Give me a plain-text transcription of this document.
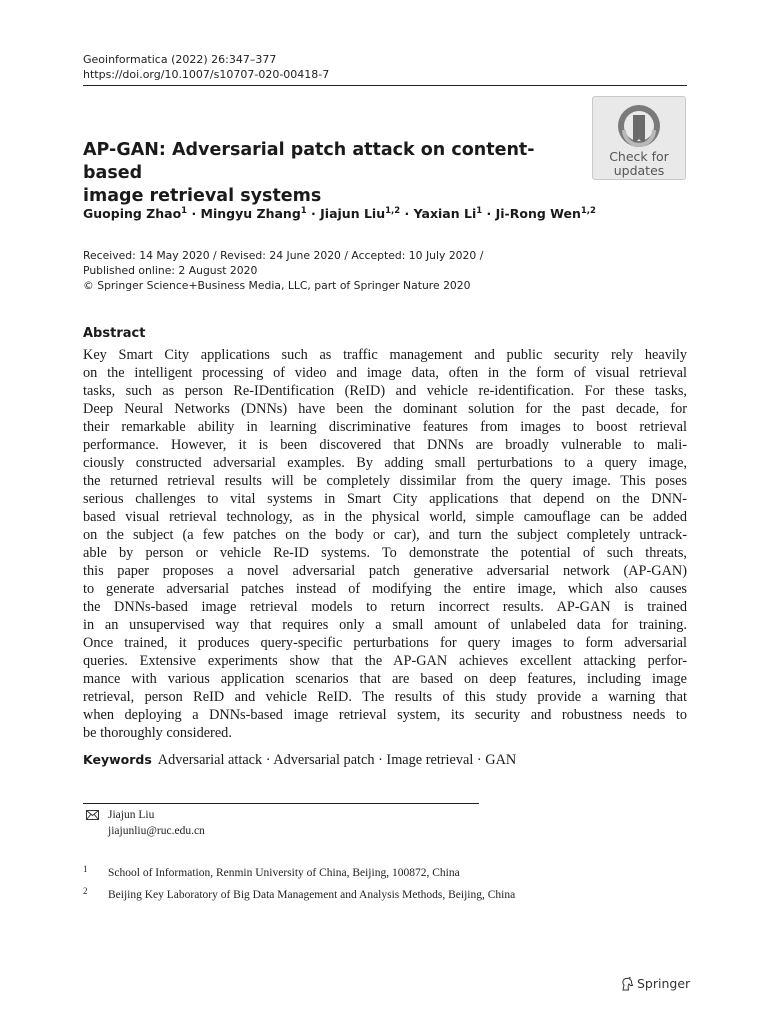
Geoinformatica (2022) 26:347–377
https://doi.org/10.1007/s10707-020-00418-7
AP-GAN: Adversarial patch attack on content-based
image retrieval systems
Check for
updates
Guoping Zhao$^1$ · Mingyu Zhang$^1$ · Jiajun Liu$^{1,2}$ · Yaxian $Li^1$ · Ji-Rong Wen$^{1,2}$
Received: 14 May 2020 / Revised: 24 June 2020 / Accepted: 10 July 2020 /
Published online: 2 August 2020
© Springer Science+Business Media, LLC, part of Springer Nature 2020
Abstract
Key Smart City applications such as traffic management and public security rely heavily
on the intelligent processing of video and image data, often in the form of visual retrieval
tasks, such as person Re-IDentification (ReID) and vehicle re-identification. For these tasks,
Deep Neural Networks (DNNs) have been the dominant solution for the past decade, for
their remarkable ability in learning discriminative features from images to boost retrieval
performance. However, it is been discovered that DNNs are broadly vulnerable to mali-
ciously constructed adversarial examples. By adding small perturbations to a query image,
the returned retrieval results will be completely dissimilar from the query image. This poses
serious challenges to vital systems in Smart City applications that depend on the DNN-
based visual retrieval technology, as in the physical world, simple camouflage can be added
on the subject (a few patches on the body or car), and turn the subject completely untrack-
able by person or vehicle Re-ID systems. To demonstrate the potential of such threats,
this paper proposes a novel adversarial patch generative adversarial network (AP-GAN)
to generate adversarial patches instead of modifying the entire image, which also causes
the DNNs-based image retrieval models to return incorrect results. AP-GAN is trained
in an unsupervised way that requires only a small amount of unlabeled data for training.
Once trained, it produces query-specific perturbations for query images to form adversarial
queries. Extensive experiments show that the AP-GAN achieves excellent attacking perfor-
mance with various application scenarios that are based on deep features, including image
retrieval, person ReID and vehicle ReID. The results of this study provide a warning that
when deploying a DNNs-based image retrieval system, its security and robustness needs to
be thoroughly considered.
Keywords Adversarial attack · Adversarial patch · Image retrieval · GAN
Jiajun Liu
jiajunliu@ruc.edu.cn
1 School of Information, Renmin University of China, Beijing, 100872, China
2 Beijing Key Laboratory of Big Data Management and Analysis Methods, Beijing, China
Springer
